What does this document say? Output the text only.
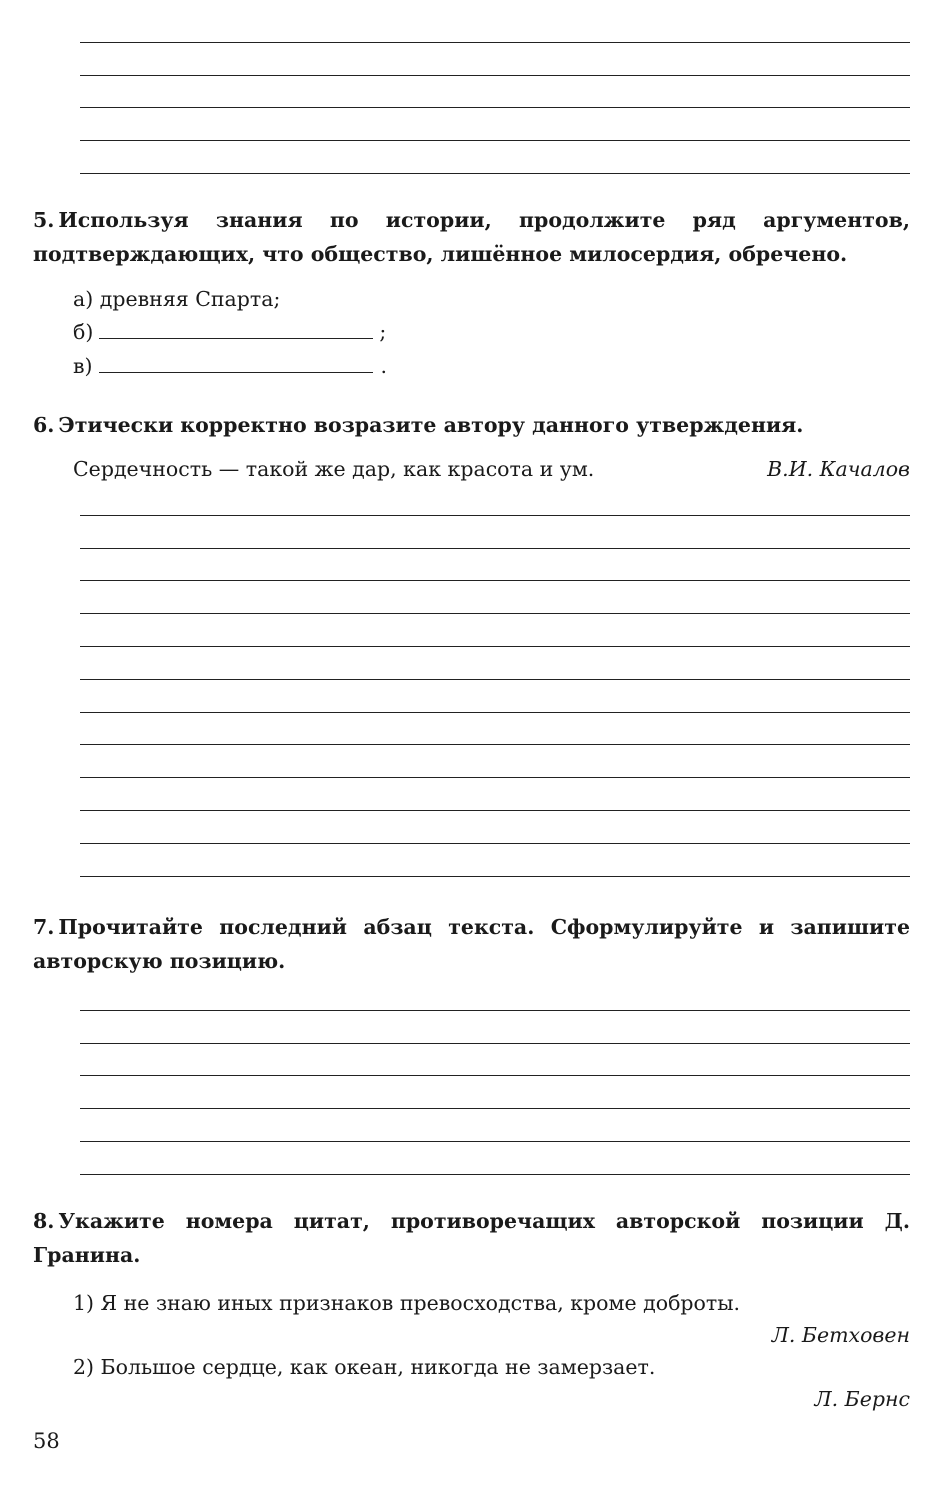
5. Используя знания по истории, продолжите ряд аргументов, подтверждающих, что общество, лишённое милосердия, обречено.

а) древняя Спарта;
б)	;
в)	.

6. Этически корректно возразите автору данного утверждения.

Сердечность — такой же дар, как красота и ум.	В.И. Качалов

7. Прочитайте последний абзац текста. Сформулируйте и запишите авторскую позицию.

8. Укажите номера цитат, противоречащих авторской позиции Д. Гранина.

1) Я не знаю иных признаков превосходства, кроме доброты.
Л. Бетховен
2) Большое сердце, как океан, никогда не замерзает.
Л. Бернс
58
